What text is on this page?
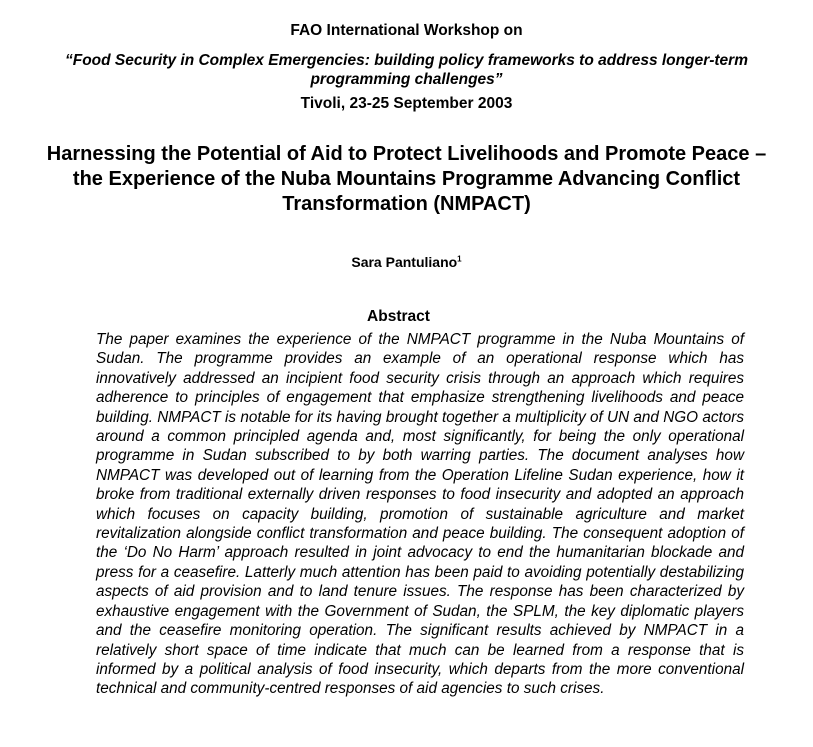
FAO International Workshop on
“Food Security in Complex Emergencies: building policy frameworks to address longer-term programming challenges”
Tivoli, 23-25 September 2003
Harnessing the Potential of Aid to Protect Livelihoods and Promote Peace – the Experience of the Nuba Mountains Programme Advancing Conflict Transformation (NMPACT)
Sara Pantuliano$^1$
Abstract
The paper examines the experience of the NMPACT programme in the Nuba Mountains of Sudan. The programme provides an example of an operational response which has innovatively addressed an incipient food security crisis through an approach which requires adherence to principles of engagement that emphasize strengthening livelihoods and peace building. NMPACT is notable for its having brought together a multiplicity of UN and NGO actors around a common principled agenda and, most significantly, for being the only operational programme in Sudan subscribed to by both warring parties. The document analyses how NMPACT was developed out of learning from the Operation Lifeline Sudan experience, how it broke from traditional externally driven responses to food insecurity and adopted an approach which focuses on capacity building, promotion of sustainable agriculture and market revitalization alongside conflict transformation and peace building. The consequent adoption of the ‘Do No Harm’ approach resulted in joint advocacy to end the humanitarian blockade and press for a ceasefire. Latterly much attention has been paid to avoiding potentially destabilizing aspects of aid provision and to land tenure issues. The response has been characterized by exhaustive engagement with the Government of Sudan, the SPLM, the key diplomatic players and the ceasefire monitoring operation. The significant results achieved by NMPACT in a relatively short space of time indicate that much can be learned from a response that is informed by a political analysis of food insecurity, which departs from the more conventional technical and community-centred responses of aid agencies to such crises.
